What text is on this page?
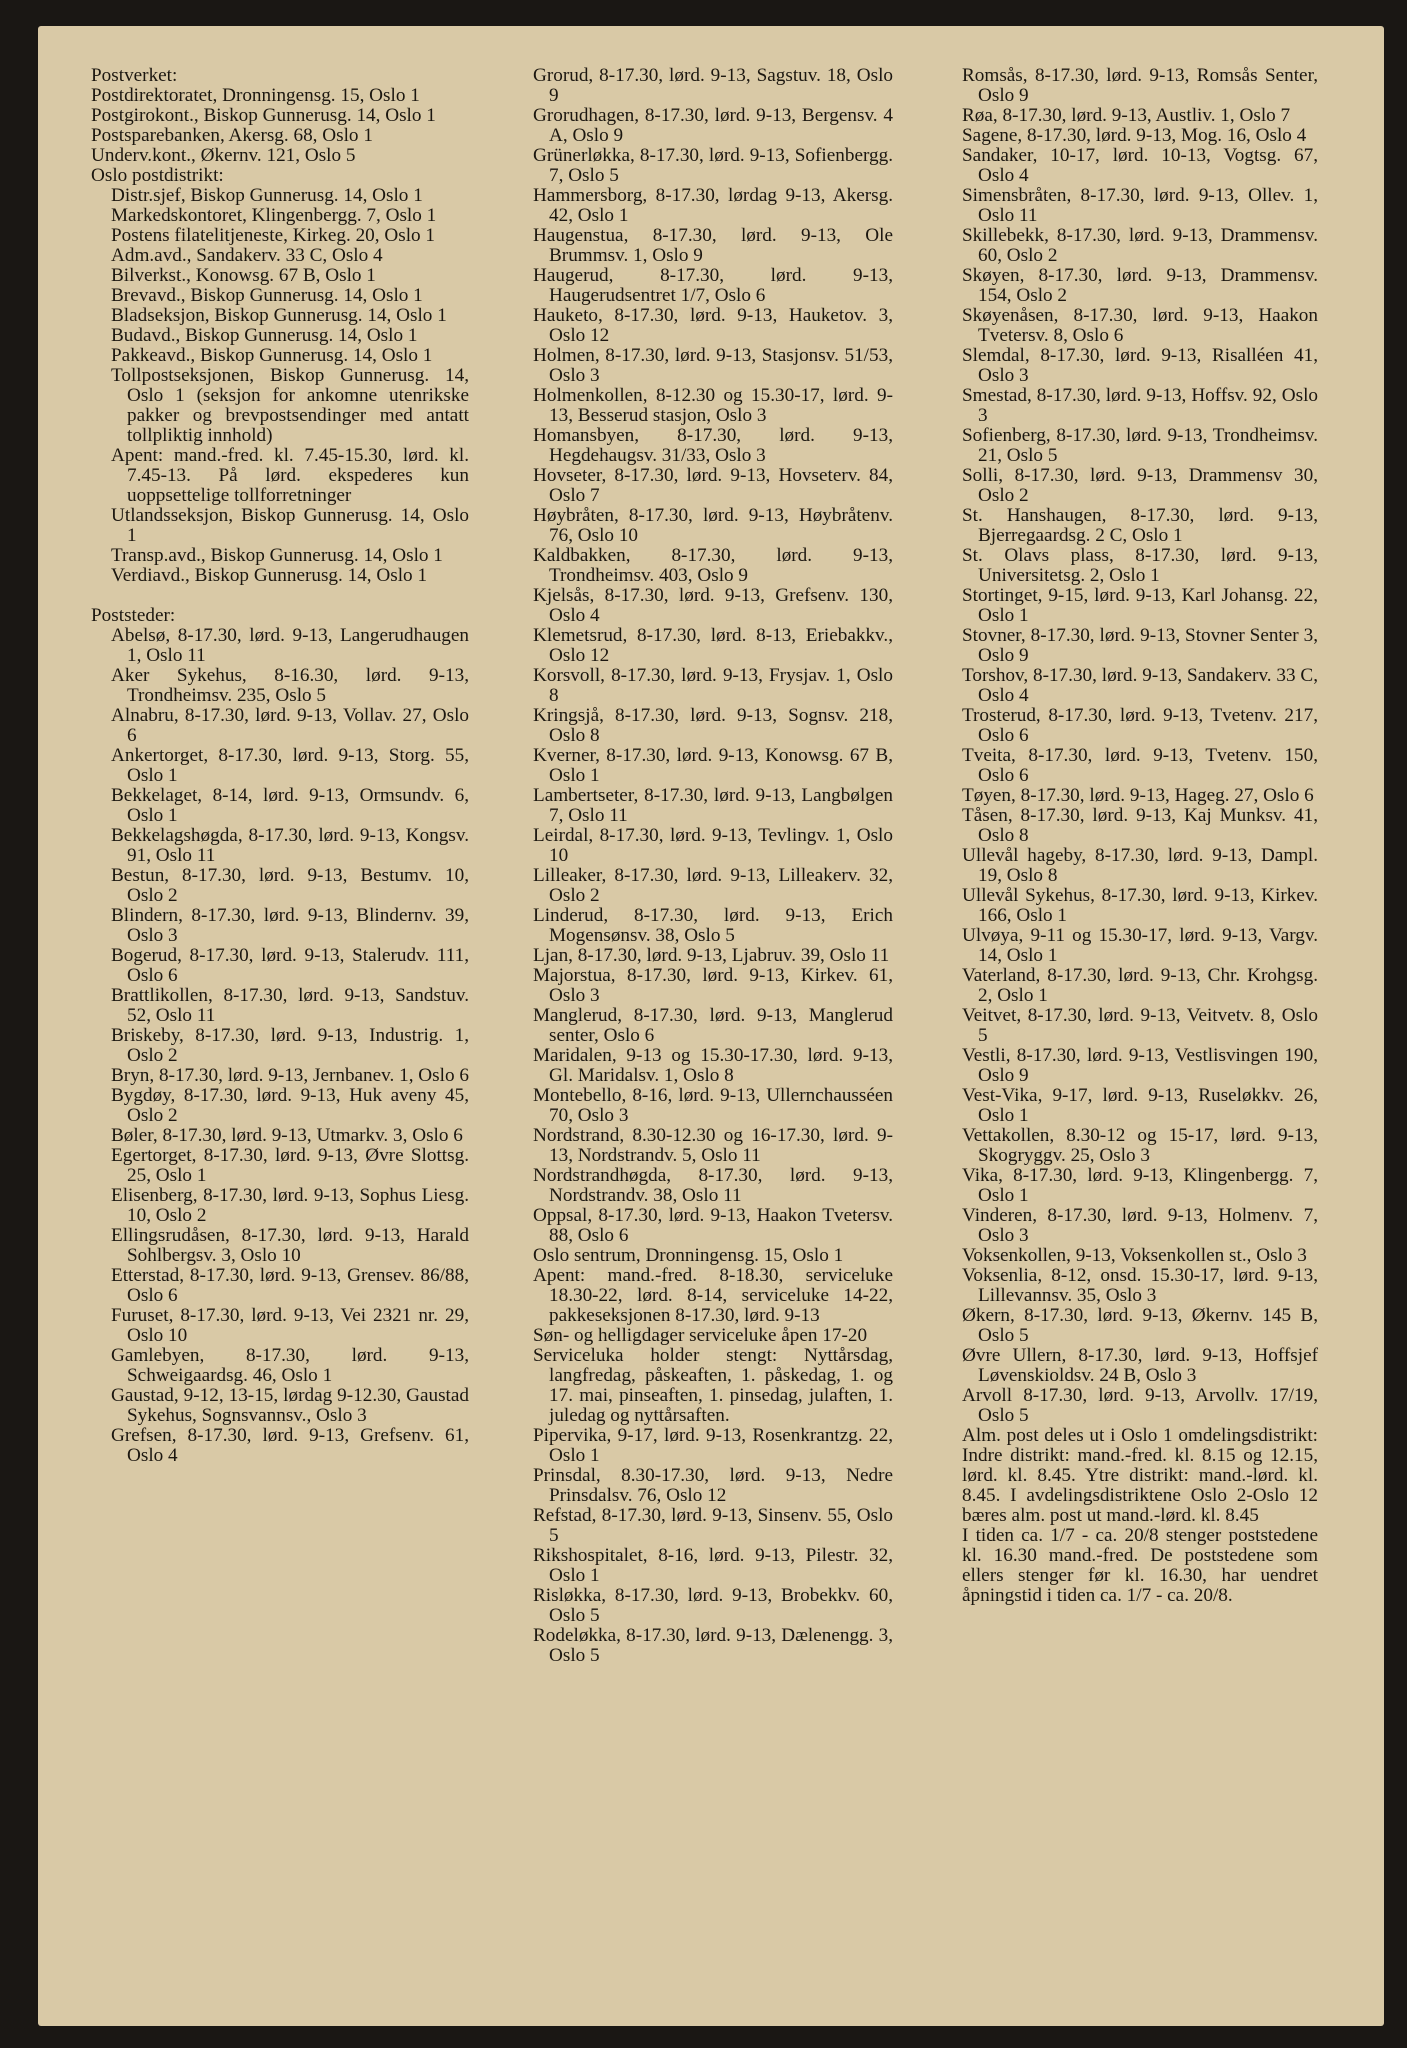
Postverket:

Postdirektoratet, Dronningensg. 15, Oslo 1

Postgirokont., Biskop Gunnerusg. 14, Oslo 1

Postsparebanken, Akersg. 68, Oslo 1

Underv.kont., Økernv. 121, Oslo 5

Oslo postdistrikt:

Distr.sjef, Biskop Gunnerusg. 14, Oslo 1

Markedskontoret, Klingenbergg. 7, Oslo 1

Postens filatelitjeneste, Kirkeg. 20, Oslo 1

Adm.avd., Sandakerv. 33 C, Oslo 4

Bilverkst., Konowsg. 67 B, Oslo 1

Brevavd., Biskop Gunnerusg. 14, Oslo 1

Bladseksjon, Biskop Gunnerusg. 14, Oslo 1

Budavd., Biskop Gunnerusg. 14, Oslo 1

Pakkeavd., Biskop Gunnerusg. 14, Oslo 1

Tollpostseksjonen, Biskop Gunnerusg. 14, Oslo 1 (seksjon for ankomne utenrikske pakker og brevpostsendinger med antatt tollpliktig innhold)

Apent: mand.-fred. kl. 7.45-15.30, lørd. kl. 7.45-13. På lørd. ekspederes kun uoppsettelige tollforretninger

Utlandsseksjon, Biskop Gunnerusg. 14, Oslo 1

Transp.avd., Biskop Gunnerusg. 14, Oslo 1

Verdiavd., Biskop Gunnerusg. 14, Oslo 1

Poststeder:

Abelsø, 8-17.30, lørd. 9-13, Langerudhaugen 1, Oslo 11

Aker Sykehus, 8-16.30, lørd. 9-13, Trondheimsv. 235, Oslo 5

Alnabru, 8-17.30, lørd. 9-13, Vollav. 27, Oslo 6

Ankertorget, 8-17.30, lørd. 9-13, Storg. 55, Oslo 1

Bekkelaget, 8-14, lørd. 9-13, Ormsundv. 6, Oslo 1

Bekkelagshøgda, 8-17.30, lørd. 9-13, Kongsv. 91, Oslo 11

Bestun, 8-17.30, lørd. 9-13, Bestumv. 10, Oslo 2

Blindern, 8-17.30, lørd. 9-13, Blindernv. 39, Oslo 3

Bogerud, 8-17.30, lørd. 9-13, Stalerudv. 111, Oslo 6

Brattlikollen, 8-17.30, lørd. 9-13, Sandstuv. 52, Oslo 11

Briskeby, 8-17.30, lørd. 9-13, Industrig. 1, Oslo 2

Bryn, 8-17.30, lørd. 9-13, Jernbanev. 1, Oslo 6

Bygdøy, 8-17.30, lørd. 9-13, Huk aveny 45, Oslo 2

Bøler, 8-17.30, lørd. 9-13, Utmarkv. 3, Oslo 6

Egertorget, 8-17.30, lørd. 9-13, Øvre Slottsg. 25, Oslo 1

Elisenberg, 8-17.30, lørd. 9-13, Sophus Liesg. 10, Oslo 2

Ellingsrudåsen, 8-17.30, lørd. 9-13, Harald Sohlbergsv. 3, Oslo 10

Etterstad, 8-17.30, lørd. 9-13, Grensev. 86/88, Oslo 6

Furuset, 8-17.30, lørd. 9-13, Vei 2321 nr. 29, Oslo 10

Gamlebyen, 8-17.30, lørd. 9-13, Schweigaardsg. 46, Oslo 1

Gaustad, 9-12, 13-15, lørdag 9-12.30, Gaustad Sykehus, Sognsvannsv., Oslo 3

Grefsen, 8-17.30, lørd. 9-13, Grefsenv. 61, Oslo 4

Grorud, 8-17.30, lørd. 9-13, Sagstuv. 18, Oslo 9

Grorudhagen, 8-17.30, lørd. 9-13, Bergensv. 4 A, Oslo 9

Grünerløkka, 8-17.30, lørd. 9-13, Sofienbergg. 7, Oslo 5

Hammersborg, 8-17.30, lørdag 9-13, Akersg. 42, Oslo 1

Haugenstua, 8-17.30, lørd. 9-13, Ole Brummsv. 1, Oslo 9

Haugerud, 8-17.30, lørd. 9-13, Haugerudsentret 1/7, Oslo 6

Hauketo, 8-17.30, lørd. 9-13, Hauketov. 3, Oslo 12

Holmen, 8-17.30, lørd. 9-13, Stasjonsv. 51/53, Oslo 3

Holmenkollen, 8-12.30 og 15.30-17, lørd. 9-13, Besserud stasjon, Oslo 3

Homansbyen, 8-17.30, lørd. 9-13, Hegdehaugsv. 31/33, Oslo 3

Hovseter, 8-17.30, lørd. 9-13, Hovseterv. 84, Oslo 7

Høybråten, 8-17.30, lørd. 9-13, Høybråtenv. 76, Oslo 10

Kaldbakken, 8-17.30, lørd. 9-13, Trondheimsv. 403, Oslo 9

Kjelsås, 8-17.30, lørd. 9-13, Grefsenv. 130, Oslo 4

Klemetsrud, 8-17.30, lørd. 8-13, Eriebakkv., Oslo 12

Korsvoll, 8-17.30, lørd. 9-13, Frysjav. 1, Oslo 8

Kringsjå, 8-17.30, lørd. 9-13, Sognsv. 218, Oslo 8

Kverner, 8-17.30, lørd. 9-13, Konowsg. 67 B, Oslo 1

Lambertseter, 8-17.30, lørd. 9-13, Langbølgen 7, Oslo 11

Leirdal, 8-17.30, lørd. 9-13, Tevlingv. 1, Oslo 10

Lilleaker, 8-17.30, lørd. 9-13, Lilleakerv. 32, Oslo 2

Linderud, 8-17.30, lørd. 9-13, Erich Mogensønsv. 38, Oslo 5

Ljan, 8-17.30, lørd. 9-13, Ljabruv. 39, Oslo 11

Majorstua, 8-17.30, lørd. 9-13, Kirkev. 61, Oslo 3

Manglerud, 8-17.30, lørd. 9-13, Manglerud senter, Oslo 6

Maridalen, 9-13 og 15.30-17.30, lørd. 9-13, Gl. Maridalsv. 1, Oslo 8

Montebello, 8-16, lørd. 9-13, Ullernchausséen 70, Oslo 3

Nordstrand, 8.30-12.30 og 16-17.30, lørd. 9-13, Nordstrandv. 5, Oslo 11

Nordstrandhøgda, 8-17.30, lørd. 9-13, Nordstrandv. 38, Oslo 11

Oppsal, 8-17.30, lørd. 9-13, Haakon Tvetersv. 88, Oslo 6

Oslo sentrum, Dronningensg. 15, Oslo 1

Apent: mand.-fred. 8-18.30, serviceluke 18.30-22, lørd. 8-14, serviceluke 14-22, pakkeseksjonen 8-17.30, lørd. 9-13

Søn- og helligdager serviceluke åpen 17-20

Serviceluka holder stengt: Nyttårsdag, langfredag, påskeaften, 1. påskedag, 1. og 17. mai, pinseaften, 1. pinsedag, julaften, 1. juledag og nyttårsaften.

Pipervika, 9-17, lørd. 9-13, Rosenkrantzg. 22, Oslo 1

Prinsdal, 8.30-17.30, lørd. 9-13, Nedre Prinsdalsv. 76, Oslo 12

Refstad, 8-17.30, lørd. 9-13, Sinsenv. 55, Oslo 5

Rikshospitalet, 8-16, lørd. 9-13, Pilestr. 32, Oslo 1

Risløkka, 8-17.30, lørd. 9-13, Brobekkv. 60, Oslo 5

Rodeløkka, 8-17.30, lørd. 9-13, Dælenengg. 3, Oslo 5

Romsås, 8-17.30, lørd. 9-13, Romsås Senter, Oslo 9

Røa, 8-17.30, lørd. 9-13, Austliv. 1, Oslo 7

Sagene, 8-17.30, lørd. 9-13, Mog. 16, Oslo 4

Sandaker, 10-17, lørd. 10-13, Vogtsg. 67, Oslo 4

Simensbråten, 8-17.30, lørd. 9-13, Ollev. 1, Oslo 11

Skillebekk, 8-17.30, lørd. 9-13, Drammensv. 60, Oslo 2

Skøyen, 8-17.30, lørd. 9-13, Drammensv. 154, Oslo 2

Skøyenåsen, 8-17.30, lørd. 9-13, Haakon Tvetersv. 8, Oslo 6

Slemdal, 8-17.30, lørd. 9-13, Risalléen 41, Oslo 3

Smestad, 8-17.30, lørd. 9-13, Hoffsv. 92, Oslo 3

Sofienberg, 8-17.30, lørd. 9-13, Trondheimsv. 21, Oslo 5

Solli, 8-17.30, lørd. 9-13, Drammensv 30, Oslo 2

St. Hanshaugen, 8-17.30, lørd. 9-13, Bjerregaardsg. 2 C, Oslo 1

St. Olavs plass, 8-17.30, lørd. 9-13, Universitetsg. 2, Oslo 1

Stortinget, 9-15, lørd. 9-13, Karl Johansg. 22, Oslo 1

Stovner, 8-17.30, lørd. 9-13, Stovner Senter 3, Oslo 9

Torshov, 8-17.30, lørd. 9-13, Sandakerv. 33 C, Oslo 4

Trosterud, 8-17.30, lørd. 9-13, Tvetenv. 217, Oslo 6

Tveita, 8-17.30, lørd. 9-13, Tvetenv. 150, Oslo 6

Tøyen, 8-17.30, lørd. 9-13, Hageg. 27, Oslo 6

Tåsen, 8-17.30, lørd. 9-13, Kaj Munksv. 41, Oslo 8

Ullevål hageby, 8-17.30, lørd. 9-13, Dampl. 19, Oslo 8

Ullevål Sykehus, 8-17.30, lørd. 9-13, Kirkev. 166, Oslo 1

Ulvøya, 9-11 og 15.30-17, lørd. 9-13, Vargv. 14, Oslo 1

Vaterland, 8-17.30, lørd. 9-13, Chr. Krohgsg. 2, Oslo 1

Veitvet, 8-17.30, lørd. 9-13, Veitvetv. 8, Oslo 5

Vestli, 8-17.30, lørd. 9-13, Vestlisvingen 190, Oslo 9

Vest-Vika, 9-17, lørd. 9-13, Ruseløkkv. 26, Oslo 1

Vettakollen, 8.30-12 og 15-17, lørd. 9-13, Skogryggv. 25, Oslo 3

Vika, 8-17.30, lørd. 9-13, Klingenbergg. 7, Oslo 1

Vinderen, 8-17.30, lørd. 9-13, Holmenv. 7, Oslo 3

Voksenkollen, 9-13, Voksenkollen st., Oslo 3

Voksenlia, 8-12, onsd. 15.30-17, lørd. 9-13, Lillevannsv. 35, Oslo 3

Økern, 8-17.30, lørd. 9-13, Økernv. 145 B, Oslo 5

Øvre Ullern, 8-17.30, lørd. 9-13, Hoffsjef Løvenskioldsv. 24 B, Oslo 3

Arvoll 8-17.30, lørd. 9-13, Arvollv. 17/19, Oslo 5

Alm. post deles ut i Oslo 1 omdelingsdistrikt: Indre distrikt: mand.-fred. kl. 8.15 og 12.15, lørd. kl. 8.45. Ytre distrikt: mand.-lørd. kl. 8.45. I avdelingsdistriktene Oslo 2-Oslo 12 bæres alm. post ut mand.-lørd. kl. 8.45

I tiden ca. 1/7 - ca. 20/8 stenger poststedene kl. 16.30 mand.-fred. De poststedene som ellers stenger før kl. 16.30, har uendret åpningstid i tiden ca. 1/7 - ca. 20/8.
